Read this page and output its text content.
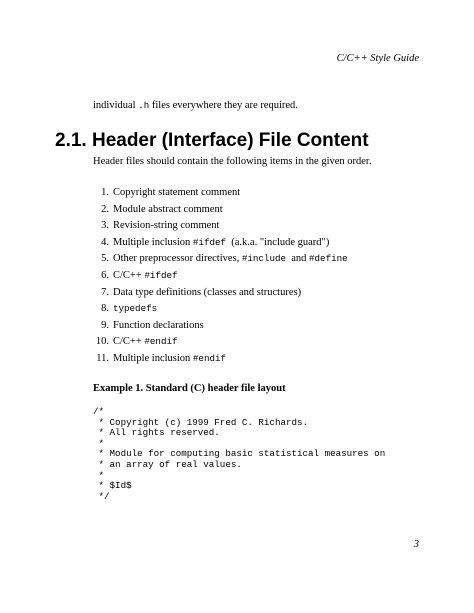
C/C++ Style Guide
individual .h files everywhere they are required.
2.1. Header (Interface) File Content
Header files should contain the following items in the given order.
1. Copyright statement comment
2. Module abstract comment
3. Revision-string comment
4. Multiple inclusion #ifdef  (a.k.a. "include guard")
5. Other preprocessor directives, #include  and #define
6. C/C++ #ifdef
7. Data type definitions (classes and structures)
8. typedefs
9. Function declarations
10. C/C++ #endif
11. Multiple inclusion #endif
Example 1. Standard (C) header file layout
/*
* Copyright (c) 1999 Fred C. Richards.
* All rights reserved.
*
* Module for computing basic statistical measures on
* an array of real values.
*
* $Id$
*/
3
